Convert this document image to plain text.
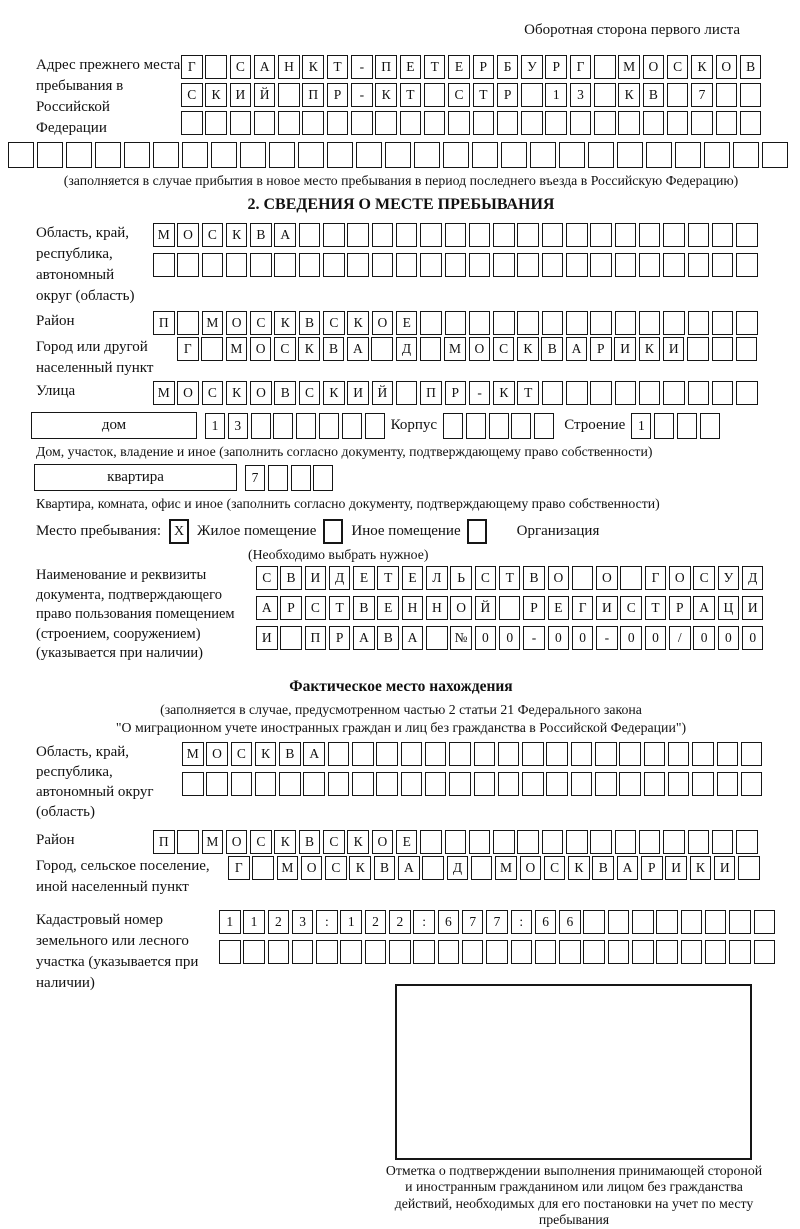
Оборотная сторона первого листа
Адрес прежнего места пребывания в Российской Федерации
Г	С	А	Н	К	Т	-	П	Е	Т	Е	Р	Б	У	Р	Г	М О	С	К	О	В
С	К	И	Й	П	Р	-	К	Т	С	Т	Р	1	3	К	В	7
(заполняется в случае прибытия в новое место пребывания в период последнего въезда в Российскую Федерацию)
2. СВЕДЕНИЯ О МЕСТЕ ПРЕБЫВАНИЯ
Область, край, республика, автономный округ (область)
М О	С	К	В	А
Район	П	М О	С	К	В	С	К	О	Е
Город или другой населенный пункт
Г	М О	С	К	В	А	Д	М О	С	К	В	А	Р	И	К	И
Улица	М О	С	К	О	В	С	К	И	Й	П	Р	-	К	Т
дом	1	3	Корпус	Строение 1
Дом, участок, владение и иное (заполнить согласно документу, подтверждающему право собственности)
квартира	7
Квартира, комната, офис и иное (заполнить согласно документу, подтверждающему право собственности)
Место пребывания: X Жилое помещение Иное помещение	Организация
(Необходимо выбрать нужное)
Наименование и реквизиты документа, подтверждающего право пользования помещением (строением, сооружением) (указывается при наличии)
С	В	И	Д	Е	Т	Е	Л	Ь	С	Т	В	О	О	Г	О	С	У	Д
А	Р	С	Т	В	Е	Н	Н	О	Й	Р	Е	Г	И	С	Т	Р	А	Ц	И
И	П	Р	А	В	А	№	0	0	-	0	0	-	0	0	/	0	0	0
Фактическое место нахождения
(заполняется в случае, предусмотренном частью 2 статьи 21 Федерального закона
"О миграционном учете иностранных граждан и лиц без гражданства в Российской Федерации")
Область, край, республика, автономный округ (область)
М О	С	К	В	А
Район	П	М О	С	К	В	С	К	О	Е
Город, сельское поселение, иной населенный пункт
Г	М О	С	К	В	А	Д	М О	С	К	В	А	Р	И	К	И
Кадастровый номер земельного или лесного участка (указывается при наличии)
1	1	2	3	:	1	2	2	:	6	7	7	:	6	6
Отметка о подтверждении выполнения принимающей стороной и иностранным гражданином или лицом без гражданства действий, необходимых для его постановки на учет по месту пребывания
